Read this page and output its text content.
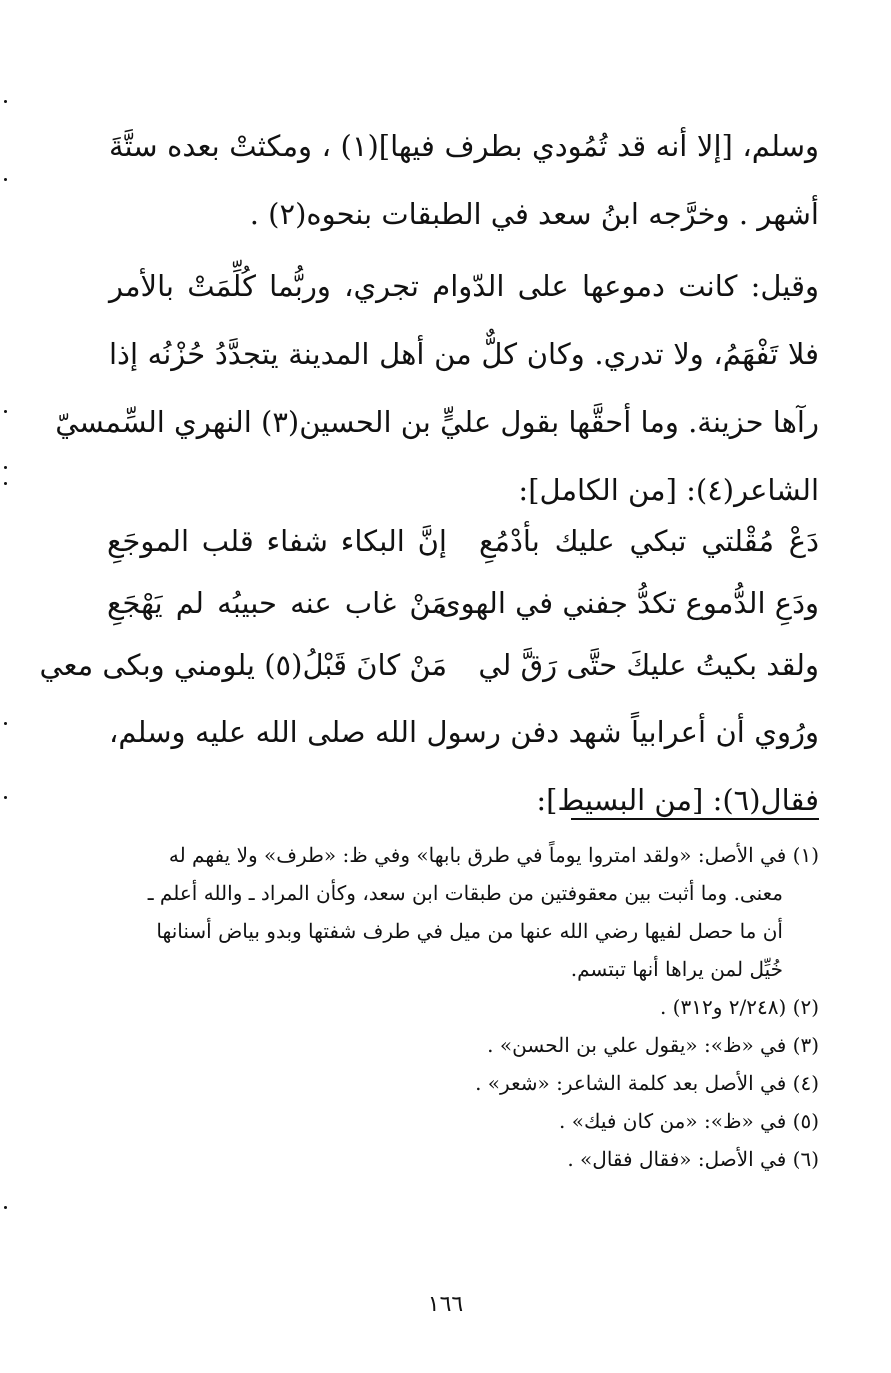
وسلم، [إلا أنه قد تُمُودي بطرف فيها](١) ، ومكثتْ بعده ستَّةَ
أشهر . وخرَّجه ابنُ سعد في الطبقات بنحوه(٢) .
وقيل: كانت دموعها على الدّوام تجري، وربُّما كُلِّمَتْ بالأمر
فلا تَفْهَمُ، ولا تدري. وكان كلٌّ من أهل المدينة يتجدَّدُ حُزْنُه إذا
رآها حزينة. وما أحقَّها بقول عليٍّ بن الحسين(٣) النهري السِّمسيّ
الشاعر(٤): [من الكامل]:
دَعْ مُقْلتي تبكي عليك بأدْمُعِ
إنَّ البكاء شفاء قلب الموجَعِ
ودَعِ الدُّموع تكدُّ جفني في الهوى
مَنْ غاب عنه حبيبُه لم يَهْجَعِ
ولقد بكيتُ عليكَ حتَّى رَقَّ لي
مَنْ كانَ قَبْلُ(٥) يلومني وبكى معي
ورُوي أن أعرابياً شهد دفن رسول الله صلى الله عليه وسلم،
فقال(٦): [من البسيط]:
(١) في الأصل: «ولقد امتروا يوماً في طرق بابها» وفي ظ: «طرف» ولا يفهم له
معنى. وما أثبت بين معقوفتين من طبقات ابن سعد، وكأن المراد ـ والله أعلم ـ
أن ما حصل لفيها رضي الله عنها من ميل في طرف شفتها وبدو بياض أسنانها
خُيِّل لمن يراها أنها تبتسم.
(٢) (٢/٢٤٨ و٣١٢) .
(٣) في «ظ»: «يقول علي بن الحسن» .
(٤) في الأصل بعد كلمة الشاعر: «شعر» .
(٥) في «ظ»: «من كان فيك» .
(٦) في الأصل: «فقال فقال» .
١٦٦
